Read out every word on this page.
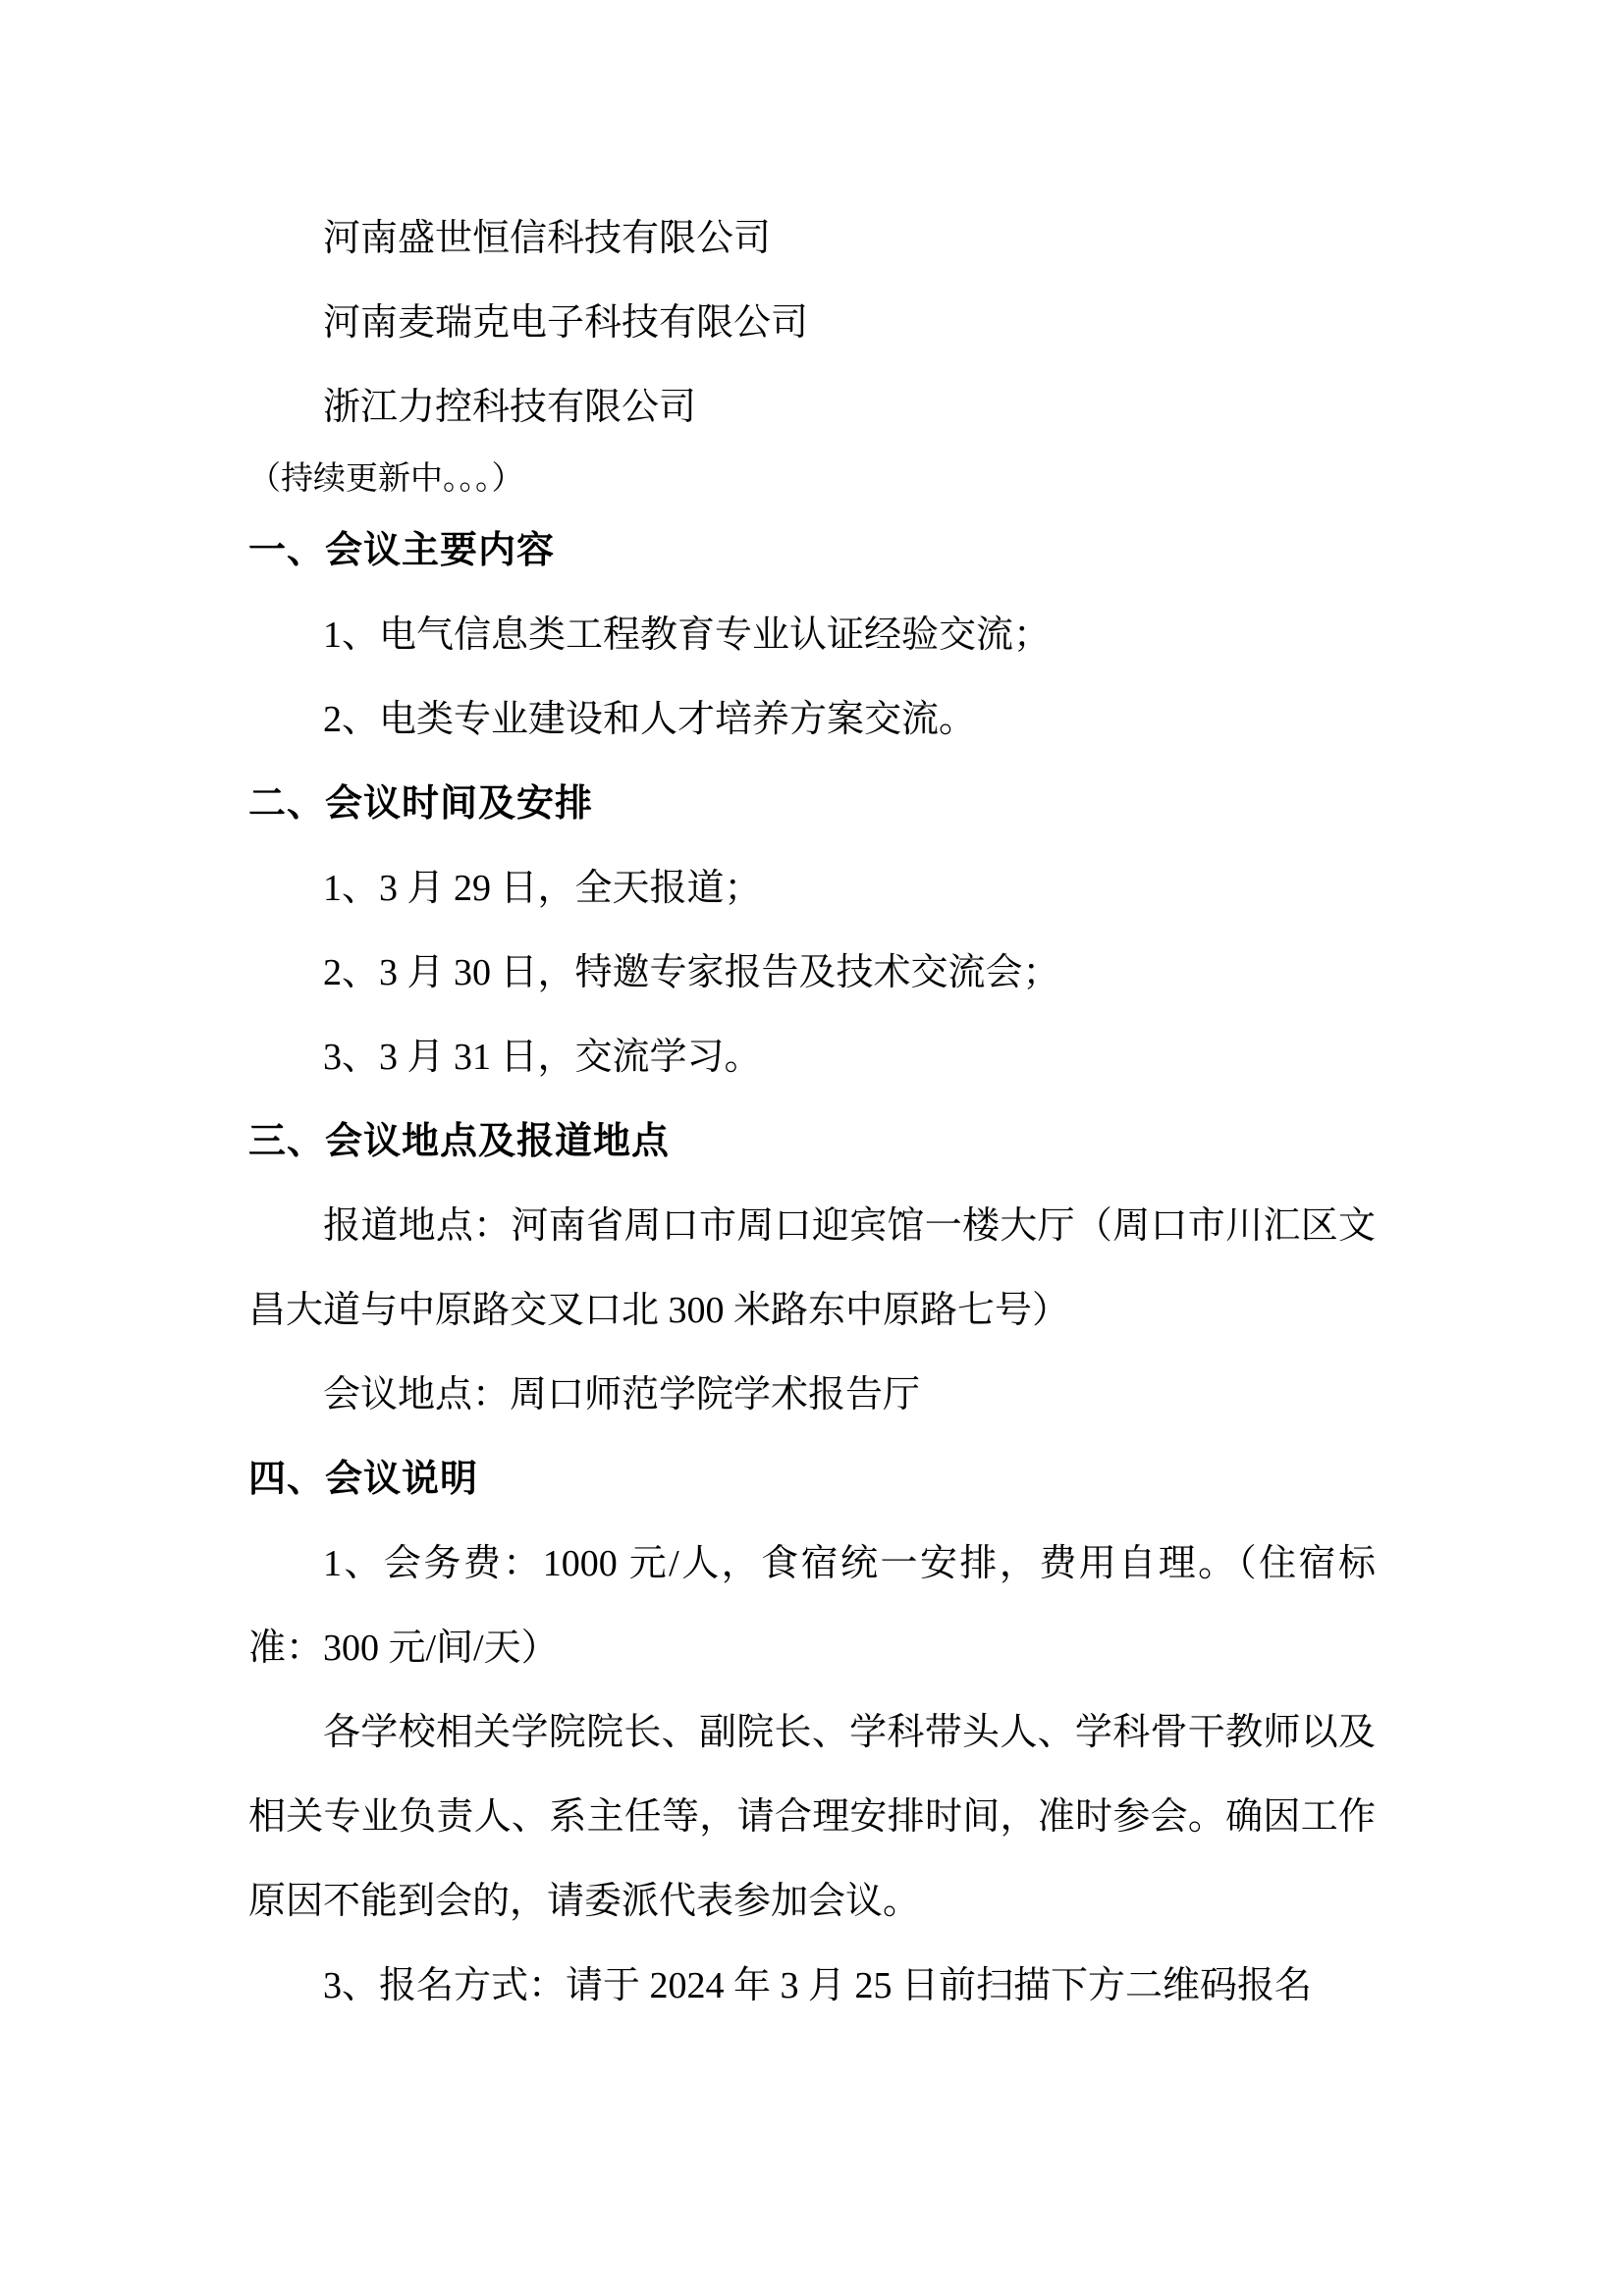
河南盛世恒信科技有限公司

河南麦瑞克电子科技有限公司

浙江力控科技有限公司

（持续更新中。。。）

一、会议主要内容

1、电气信息类工程教育专业认证经验交流；

2、电类专业建设和人才培养方案交流。

二、会议时间及安排

1、3 月 29 日，全天报道；

2、3 月 30 日，特邀专家报告及技术交流会；

3、3 月 31 日，交流学习。

三、会议地点及报道地点

报道地点：河南省周口市周口迎宾馆一楼大厅（周口市川汇区文昌大道与中原路交叉口北 300 米路东中原路七号）

会议地点：周口师范学院学术报告厅

四、会议说明

1、会务费：1000 元/人，食宿统一安排，费用自理。（住宿标准：300 元/间/天）

各学校相关学院院长、副院长、学科带头人、学科骨干教师以及相关专业负责人、系主任等，请合理安排时间，准时参会。确因工作原因不能到会的，请委派代表参加会议。

3、报名方式：请于 2024 年 3 月 25 日前扫描下方二维码报名
